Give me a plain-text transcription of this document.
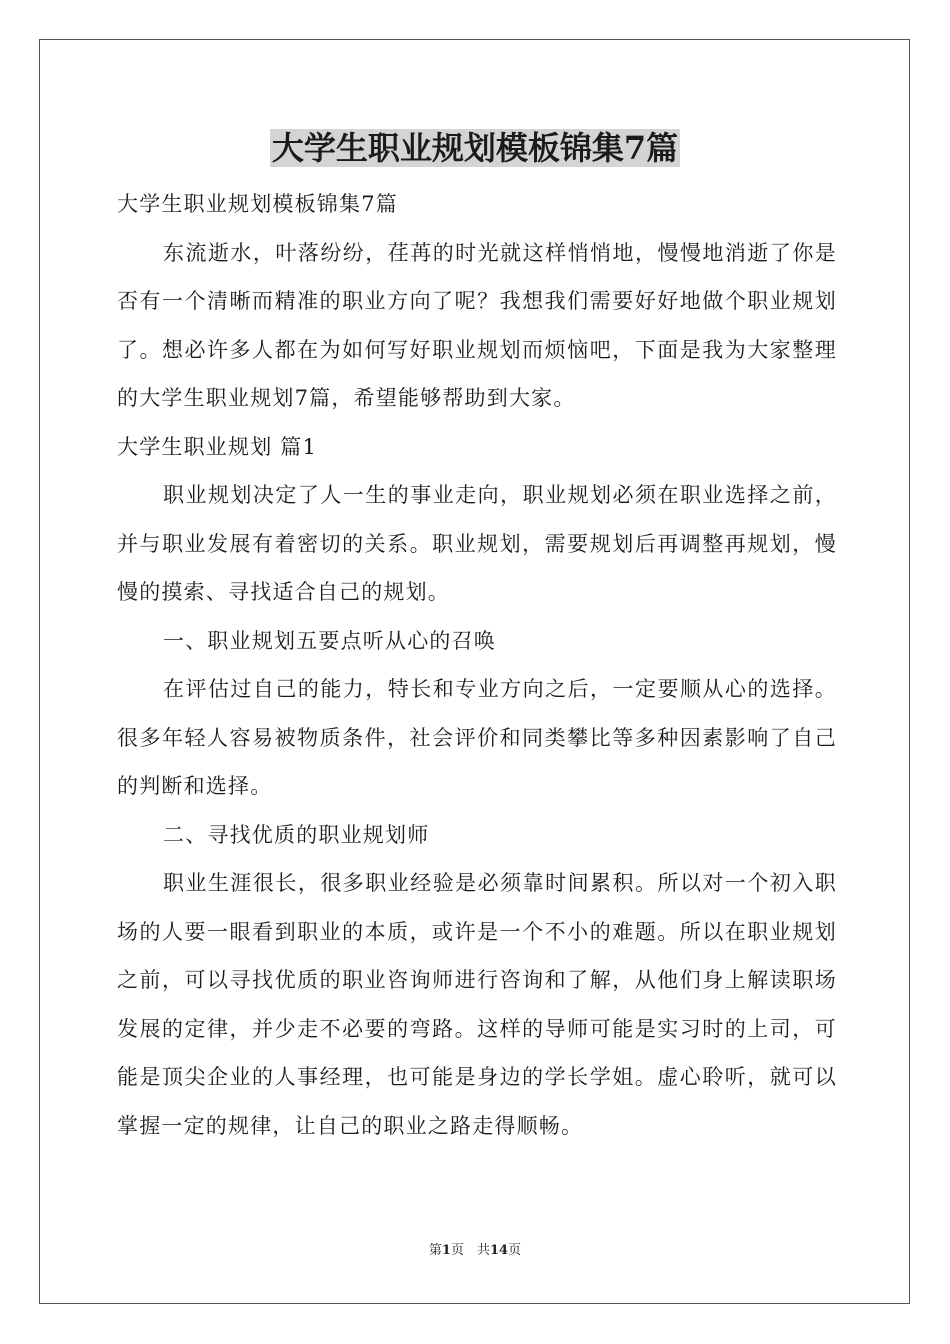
大学生职业规划模板锦集7篇

大学生职业规划模板锦集7篇

东流逝水，叶落纷纷，荏苒的时光就这样悄悄地，慢慢地消逝了你是否有一个清晰而精准的职业方向了呢？我想我们需要好好地做个职业规划了。想必许多人都在为如何写好职业规划而烦恼吧，下面是我为大家整理的大学生职业规划7篇，希望能够帮助到大家。

大学生职业规划 篇1

职业规划决定了人一生的事业走向，职业规划必须在职业选择之前，并与职业发展有着密切的关系。职业规划，需要规划后再调整再规划，慢慢的摸索、寻找适合自己的规划。

一、职业规划五要点听从心的召唤

在评估过自己的能力，特长和专业方向之后，一定要顺从心的选择。很多年轻人容易被物质条件，社会评价和同类攀比等多种因素影响了自己的判断和选择。

二、寻找优质的职业规划师

职业生涯很长，很多职业经验是必须靠时间累积。所以对一个初入职场的人要一眼看到职业的本质，或许是一个不小的难题。所以在职业规划之前，可以寻找优质的职业咨询师进行咨询和了解，从他们身上解读职场发展的定律，并少走不必要的弯路。这样的导师可能是实习时的上司，可能是顶尖企业的人事经理，也可能是身边的学长学姐。虚心聆听，就可以掌握一定的规律，让自己的职业之路走得顺畅。

第1页　共14页
